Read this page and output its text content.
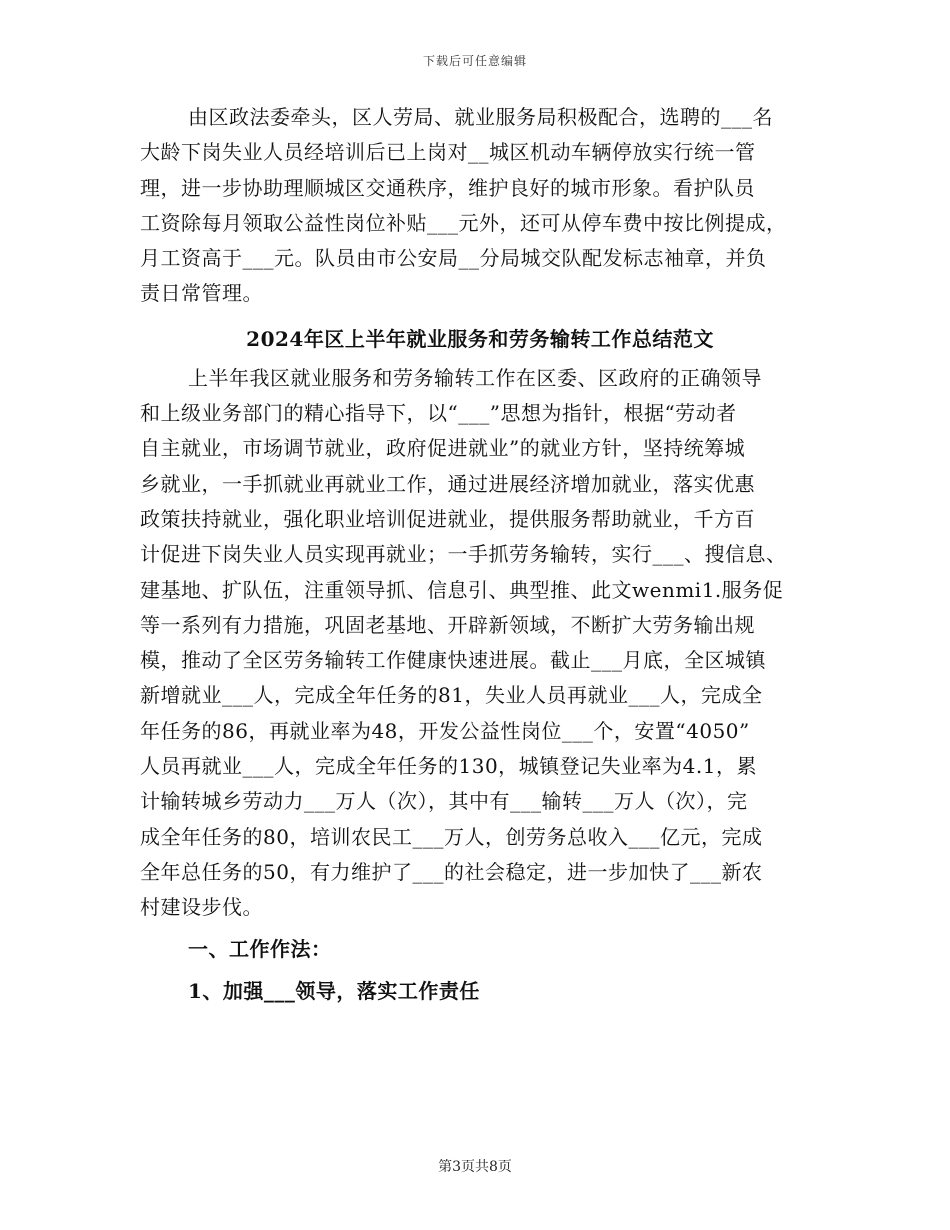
下载后可任意编辑
由区政法委牵头，区人劳局、就业服务局积极配合，选聘的___名
大龄下岗失业人员经培训后已上岗对__城区机动车辆停放实行统一管
理，进一步协助理顺城区交通秩序，维护良好的城市形象。看护队员
工资除每月领取公益性岗位补贴___元外，还可从停车费中按比例提成，
月工资高于___元。队员由市公安局__分局城交队配发标志袖章，并负
责日常管理。
2024年区上半年就业服务和劳务输转工作总结范文
上半年我区就业服务和劳务输转工作在区委、区政府的正确领导
和上级业务部门的精心指导下，以“___”思想为指针，根据“劳动者
自主就业，市场调节就业，政府促进就业”的就业方针，坚持统筹城
乡就业，一手抓就业再就业工作，通过进展经济增加就业，落实优惠
政策扶持就业，强化职业培训促进就业，提供服务帮助就业，千方百
计促进下岗失业人员实现再就业；一手抓劳务输转，实行___、搜信息、
建基地、扩队伍，注重领导抓、信息引、典型推、此文wenmi1.服务促
等一系列有力措施，巩固老基地、开辟新领域，不断扩大劳务输出规
模，推动了全区劳务输转工作健康快速进展。截止___月底，全区城镇
新增就业___人，完成全年任务的81，失业人员再就业___人，完成全
年任务的86，再就业率为48，开发公益性岗位___个，安置“4050”
人员再就业___人，完成全年任务的130，城镇登记失业率为4.1，累
计输转城乡劳动力___万人（次），其中有___输转___万人（次），完
成全年任务的80，培训农民工___万人，创劳务总收入___亿元，完成
全年总任务的50，有力维护了___的社会稳定，进一步加快了___新农
村建设步伐。
一、工作作法：
1、加强___领导，落实工作责任
第3页共8页
